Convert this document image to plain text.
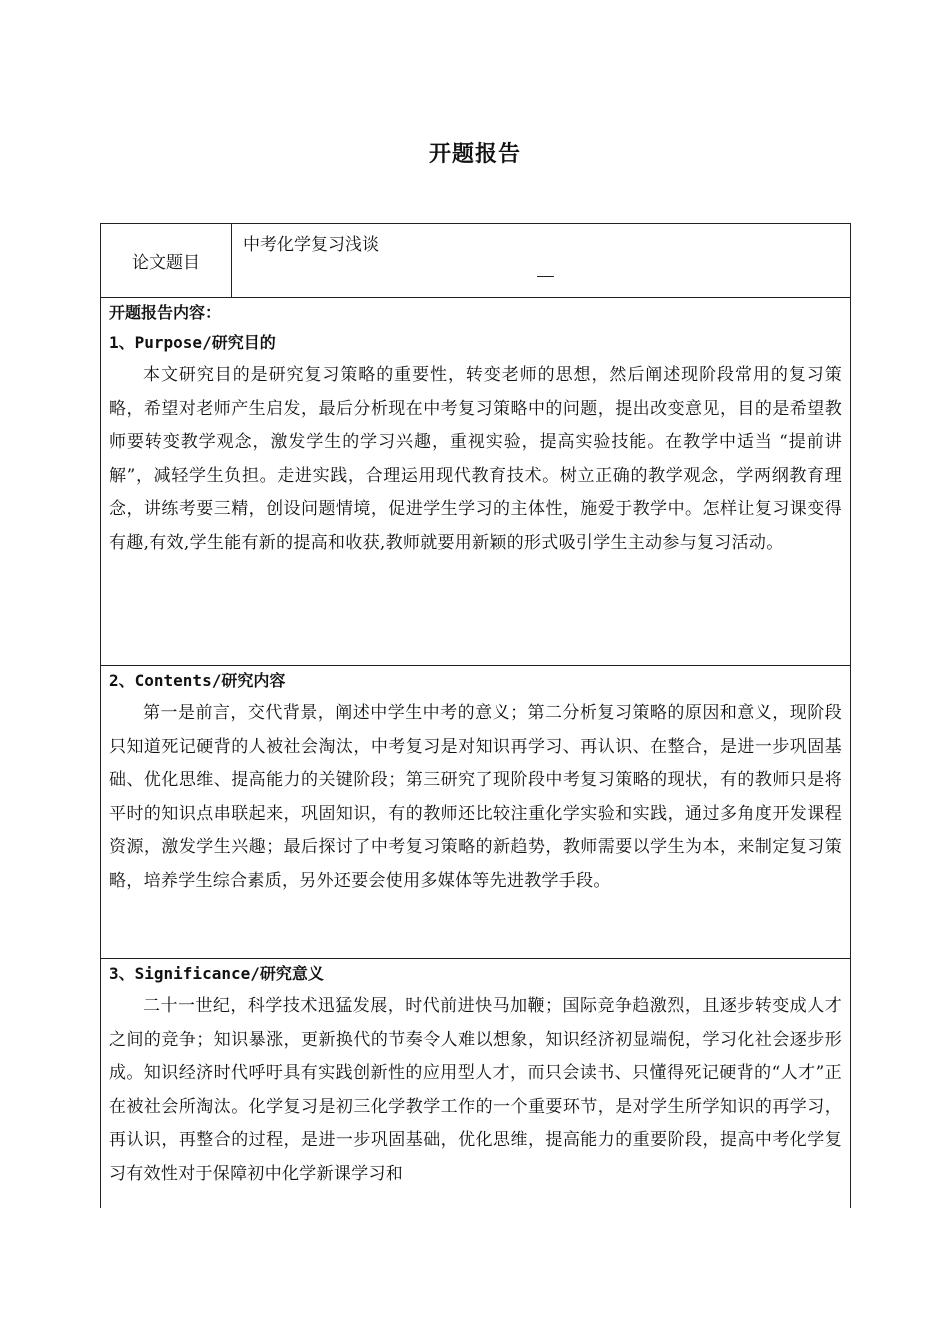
开题报告
论文题目
中考化学复习浅谈
开题报告内容：
1、Purpose/研究目的

本文研究目的是研究复习策略的重要性，转变老师的思想，然后阐述现阶段常用的复习策略，希望对老师产生启发，最后分析现在中考复习策略中的问题，提出改变意见，目的是希望教师要转变教学观念，激发学生的学习兴趣，重视实验，提高实验技能。在教学中适当 “提前讲解”，减轻学生负担。走进实践，合理运用现代教育技术。树立正确的教学观念，学两纲教育理念，讲练考要三精，创设问题情境，促进学生学习的主体性，施爱于教学中。怎样让复习课变得有趣,有效,学生能有新的提高和收获,教师就要用新颖的形式吸引学生主动参与复习活动。

2、Contents/研究内容

第一是前言，交代背景，阐述中学生中考的意义；第二分析复习策略的原因和意义，现阶段只知道死记硬背的人被社会淘汰，中考复习是对知识再学习、再认识、在整合，是进一步巩固基础、优化思维、提高能力的关键阶段；第三研究了现阶段中考复习策略的现状，有的教师只是将平时的知识点串联起来，巩固知识，有的教师还比较注重化学实验和实践，通过多角度开发课程资源，激发学生兴趣；最后探讨了中考复习策略的新趋势，教师需要以学生为本，来制定复习策略，培养学生综合素质，另外还要会使用多媒体等先进教学手段。

3、Significance/研究意义

二十一世纪，科学技术迅猛发展，时代前进快马加鞭；国际竞争趋激烈，且逐步转变成人才之间的竞争；知识暴涨，更新换代的节奏令人难以想象，知识经济初显端倪，学习化社会逐步形成。知识经济时代呼吁具有实践创新性的应用型人才，而只会读书、只懂得死记硬背的“人才”正在被社会所淘汰。化学复习是初三化学教学工作的一个重要环节，是对学生所学知识的再学习，再认识，再整合的过程，是进一步巩固基础，优化思维，提高能力的重要阶段，提高中考化学复习有效性对于保障初中化学新课学习和
